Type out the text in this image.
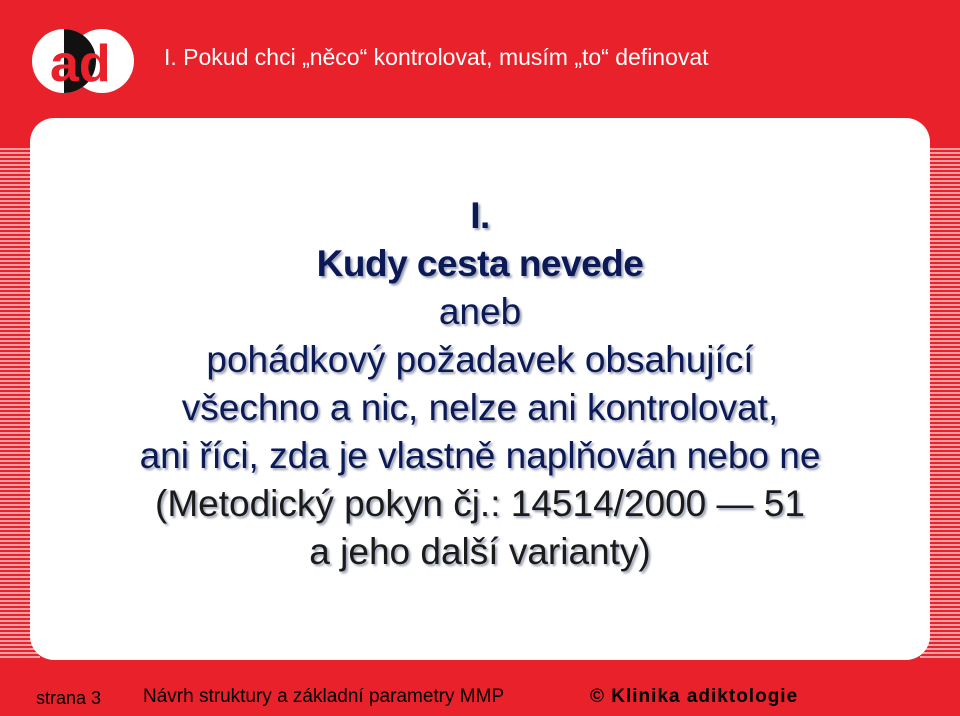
ad I. Pokud chci „něco“ kontrolovat, musím „to“ definovat
I.
Kudy cesta nevede
aneb
pohádkový požadavek obsahující
všechno a nic, nelze ani kontrolovat,
ani říci, zda je vlastně naplňován nebo ne
(Metodický pokyn čj.: 14514/2000 — 51
a jeho další varianty)
strana 3 Návrh struktury a základní parametry MMP	© Klinika adiktologie
